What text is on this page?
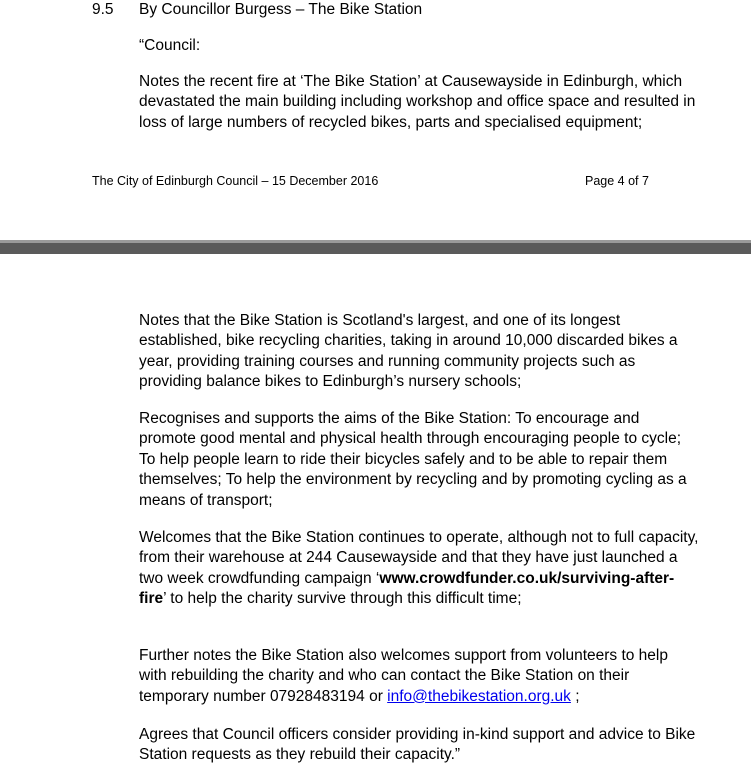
9.5 By Councillor Burgess – The Bike Station

“Council:

Notes the recent fire at ‘The Bike Station’ at Causewayside in Edinburgh, which devastated the main building including workshop and office space and resulted in loss of large numbers of recycled bikes, parts and specialised equipment;

The City of Edinburgh Council – 15 December 2016	Page 4 of 7

Notes that the Bike Station is Scotland's largest, and one of its longest established, bike recycling charities, taking in around 10,000 discarded bikes a year, providing training courses and running community projects such as providing balance bikes to Edinburgh’s nursery schools;

Recognises and supports the aims of the Bike Station: To encourage and promote good mental and physical health through encouraging people to cycle; To help people learn to ride their bicycles safely and to be able to repair them themselves; To help the environment by recycling and by promoting cycling as a means of transport;

Welcomes that the Bike Station continues to operate, although not to full capacity, from their warehouse at 244 Causewayside and that they have just launched a two week crowdfunding campaign ‘www.crowdfunder.co.uk/surviving-after-fire’ to help the charity survive through this difficult time;

Further notes the Bike Station also welcomes support from volunteers to help with rebuilding the charity and who can contact the Bike Station on their temporary number 07928483194 or info@thebikestation.org.uk ;

Agrees that Council officers consider providing in-kind support and advice to Bike Station requests as they rebuild their capacity.”
